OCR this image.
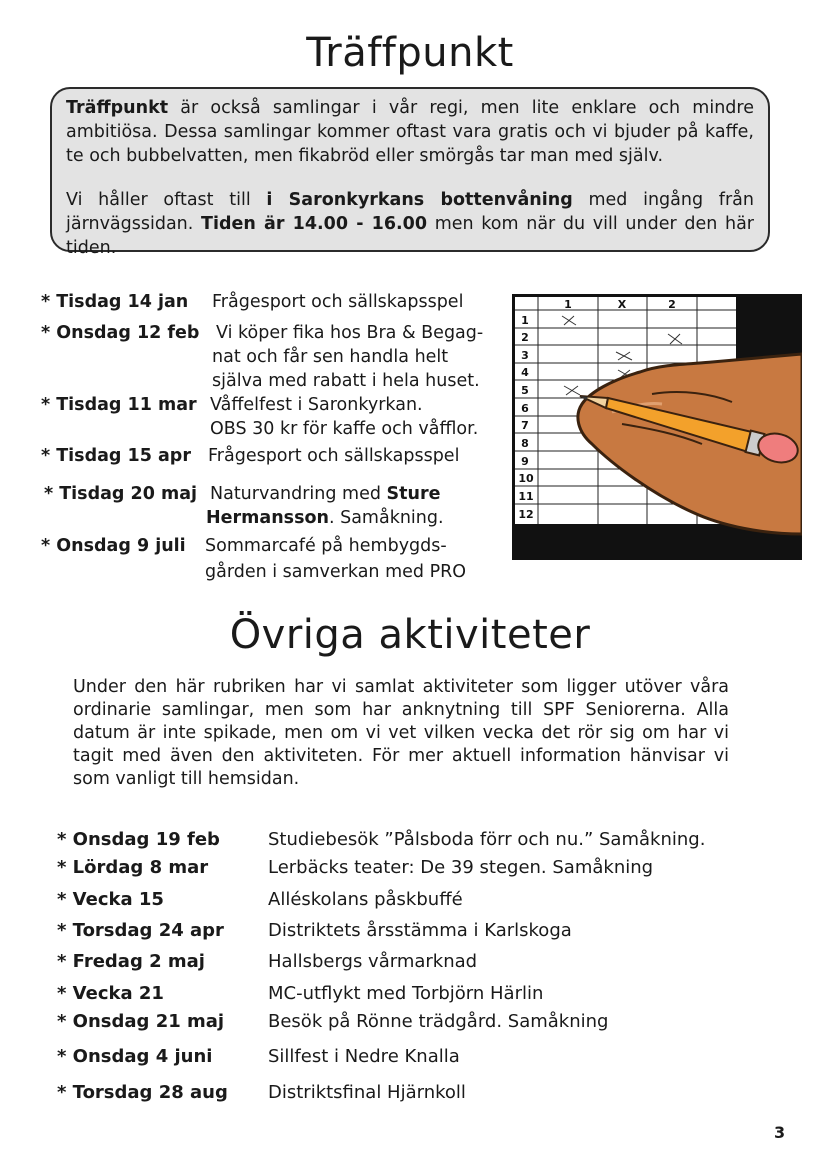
Träffpunkt

Träffpunkt är också samlingar i vår regi, men lite enklare och mindre ambitiösa. Dessa samlingar kommer oftast vara gratis och vi bjuder på kaffe, te och bubbelvatten, men fikabröd eller smörgås tar man med själv.

Vi håller oftast till i Saronkyrkans bottenvåning med ingång från järnvägssidan. Tiden är 14.00 - 16.00 men kom när du vill under den här tiden.

* Tisdag 14 jan Frågesport och sällskapsspel
* Onsdag 12 feb Vi köper fika hos Bra & Begag-
nat och får sen handla helt
själva med rabatt i hela huset.
* Tisdag 11 mar Våffelfest i Saronkyrkan.
OBS 30 kr för kaffe och våfflor.
* Tisdag 15 apr Frågesport och sällskapsspel
* Tisdag 20 maj Naturvandring med Sture
Hermansson. Samåkning.
* Onsdag 9 juli Sommarcafé på hembygds-
gården i samverkan med PRO
1	X	2
1
2
3
4
5
6
7
8
9
10
11
12
Övriga aktiviteter
Under den här rubriken har vi samlat aktiviteter som ligger utöver våra ordinarie samlingar, men som har anknytning till SPF Seniorerna. Alla datum är inte spikade, men om vi vet vilken vecka det rör sig om har vi tagit med även den aktiviteten. För mer aktuell information hänvisar vi som vanligt till hemsidan.
* Onsdag 19 feb	Studiebesök ”Pålsboda förr och nu.” Samåkning.
* Lördag 8 mar	Lerbäcks teater: De 39 stegen. Samåkning
* Vecka 15	Alléskolans påskbuffé
* Torsdag 24 apr Distriktets årsstämma i Karlskoga
* Fredag 2 maj	Hallsbergs vårmarknad
* Vecka 21	MC-utflykt med Torbjörn Härlin
* Onsdag 21 maj Besök på Rönne trädgård. Samåkning
* Onsdag 4 juni	Sillfest i Nedre Knalla
* Torsdag 28 aug Distriktsfinal Hjärnkoll
3
